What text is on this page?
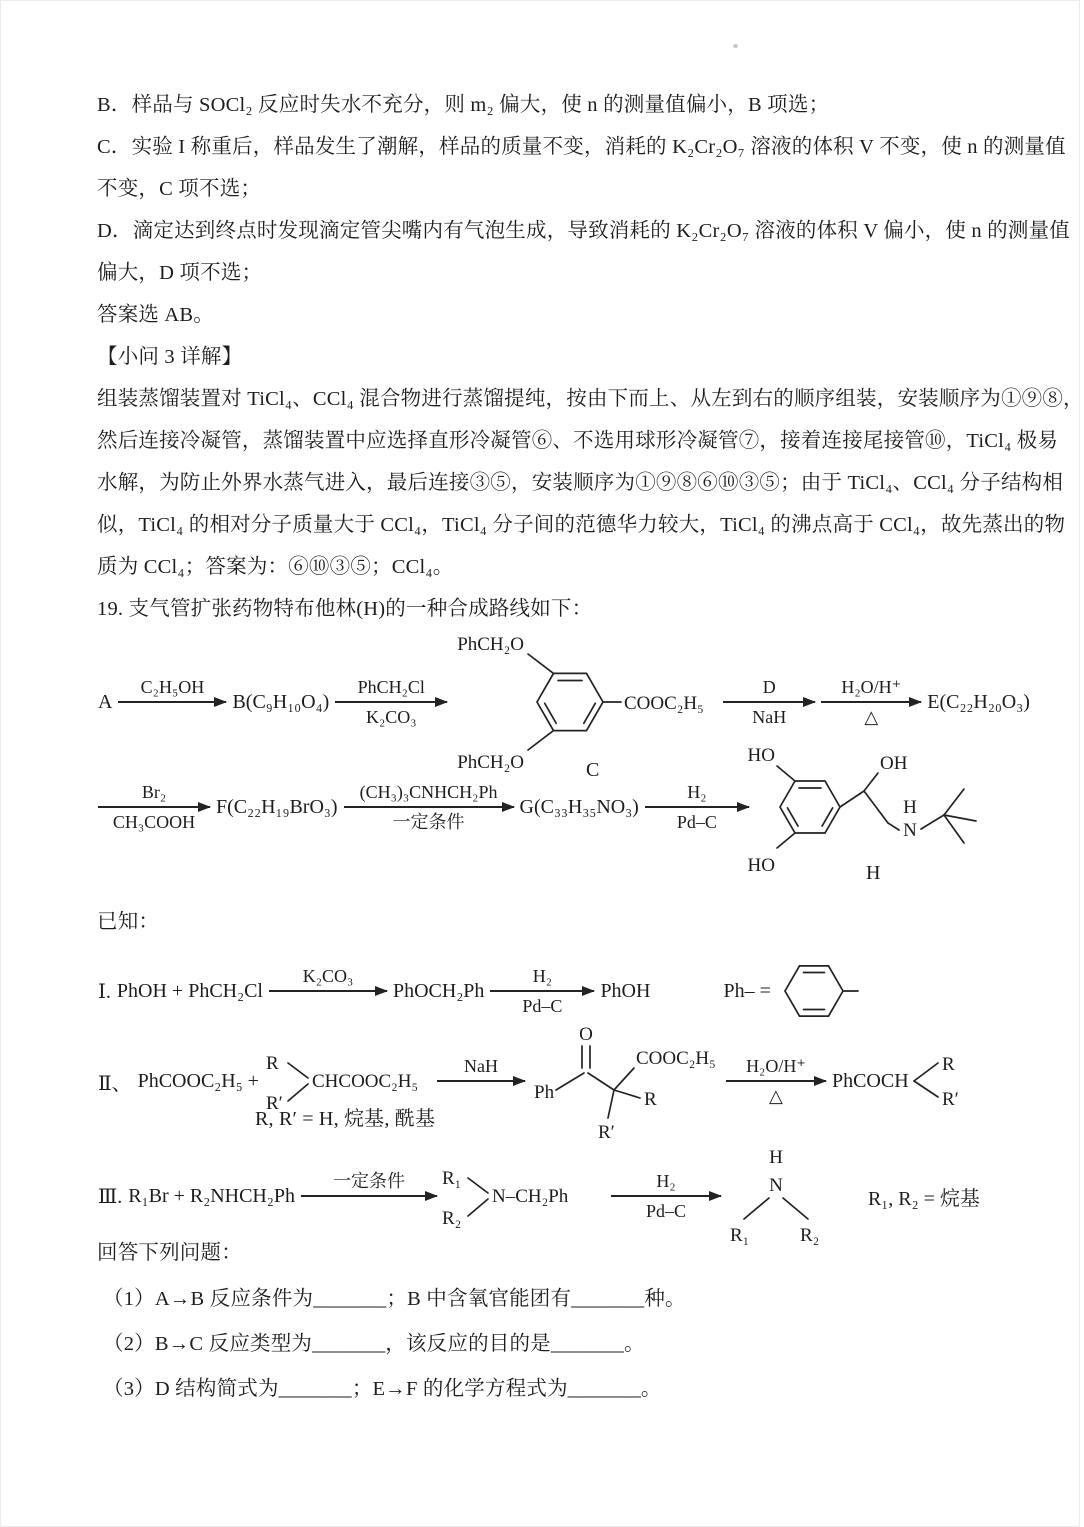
B．样品与 SOCl₂ 反应时失水不充分，则 m₂ 偏大，使 n 的测量值偏小，B 项选；
C．实验 I 称重后，样品发生了潮解，样品的质量不变，消耗的 K₂Cr₂O₇ 溶液的体积 V 不变，使 n 的测量值
不变，C 项不选；
D．滴定达到终点时发现滴定管尖嘴内有气泡生成，导致消耗的 K₂Cr₂O₇ 溶液的体积 V 偏小，使 n 的测量值
偏大，D 项不选；
答案选 AB。
【小问 3 详解】
组装蒸馏装置对 TiCl₄、CCl₄ 混合物进行蒸馏提纯，按由下而上、从左到右的顺序组装，安装顺序为①⑨⑧，
然后连接冷凝管，蒸馏装置中应选择直形冷凝管⑥、不选用球形冷凝管⑦，接着连接尾接管⑩，TiCl₄ 极易
水解，为防止外界水蒸气进入，最后连接③⑤，安装顺序为①⑨⑧⑥⑩③⑤；由于 TiCl₄、CCl₄ 分子结构相
似，TiCl₄ 的相对分子质量大于 CCl₄，TiCl₄ 分子间的范德华力较大，TiCl₄ 的沸点高于 CCl₄，故先蒸出的物
质为 CCl₄；答案为：⑥⑩③⑤；CCl₄。
19. 支气管扩张药物特布他林(H)的一种合成路线如下：
A
C₂H₅OH
B(C₉H₁₀O₄)
PhCH₂Cl
K₂CO₃
PhCH₂O
PhCH₂O
COOC₂H₅
C
D
NaH
H₂O/H⁺
△
E(C₂₂H₂₀O₃)
Br₂
CH₃COOH
F(C₂₂H₁₉BrO₃)
(CH₃)₃CNHCH₂Ph
一定条件
G(C₃₃H₃₅NO₃)
H₂
Pd–C
HO
HO
OH
H
N
H
已知：
Ⅰ. PhOH + PhCH₂Cl
K₂CO₃
PhOCH₂Ph
H₂
Pd–C
PhOH	Ph– =
Ⅱ、 PhCOOC₂H₅ +
R
R′
CHCOOC₂H₅
NaH
O
Ph
COOC₂H₅
R
R′
H₂O/H⁺
△
PhCOCH
R
R′
R, R′ = H, 烷基, 酰基
Ⅲ. R₁Br + R₂NHCH₂Ph
一定条件	R₁
R₂
N–CH₂Ph
H₂
Pd–C
H
N
R₁	R₂
R₁, R₂ = 烷基
回答下列问题：
（1）A→B 反应条件为_______；B 中含氧官能团有_______种。
（2）B→C 反应类型为_______，该反应的目的是_______。
（3）D 结构简式为_______；E→F 的化学方程式为_______。
